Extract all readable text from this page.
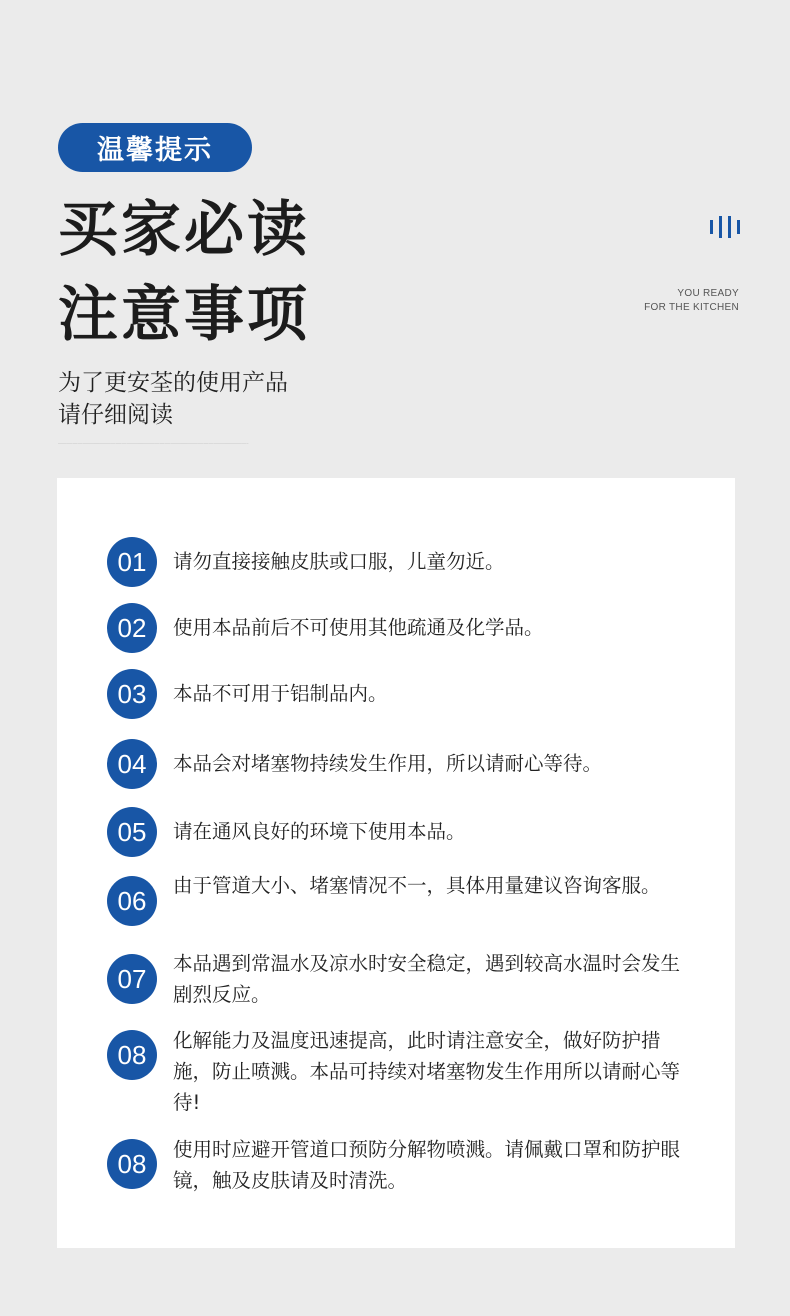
温馨提示
买家必读
注意事项
为了更安荃的使用产品
请仔细阅读
ᐧᐧᐧᐧᐧᐧᐧᐧᐧᐧᐧᐧᐧᐧᐧᐧᐧᐧᐧᐧᐧᐧᐧᐧᐧᐧᐧᐧᐧᐧᐧᐧᐧᐧᐧᐧᐧᐧᐧᐧᐧᐧᐧᐧᐧᐧᐧᐧᐧᐧᐧᐧᐧᐧᐧᐧᐧᐧᐧᐧᐧᐧᐧᐧᐧᐧᐧᐧᐧᐧᐧᐧᐧᐧᐧᐧᐧᐧᐧᐧᐧᐧᐧᐧᐧᐧᐧᐧᐧᐧᐧᐧᐧᐧᐧᐧᐧᐧᐧᐧᐧᐧᐧᐧᐧᐧᐧᐧᐧᐧᐧᐧᐧᐧᐧᐧᐧᐧᐧᐧᐧᐧᐧᐧᐧᐧᐧᐧᐧᐧᐧᐧᐧᐧᐧᐧᐧᐧᐧᐧᐧᐧᐧᐧᐧᐧᐧᐧᐧᐧᐧᐧᐧᐧᐧᐧᐧᐧᐧᐧᐧᐧᐧᐧᐧᐧᐧᐧᐧᐧᐧᐧᐧᐧᐧᐧᐧᐧᐧᐧᐧᐧᐧᐧᐧᐧ
YOU READY
FOR THE KITCHEN
01	请勿直接接触皮肤或口服，儿童勿近。
02	使用本品前后不可使用其他疏通及化学品。
03	本品不可用于铝制品内。
04	本品会对堵塞物持续发生作用，所以请耐心等待。
05	请在通风良好的环境下使用本品。
06	由于管道大小、堵塞情况不一，具体用量建议咨询客服。
07	本品遇到常温水及凉水时安全稳定，遇到较高水温时会发生剧烈反应。
08	化解能力及温度迅速提高，此时请注意安全，做好防护措施，防止喷溅。本品可持续对堵塞物发生作用所以请耐心等待!
08	使用时应避开管道口预防分解物喷溅。请佩戴口罩和防护眼镜，触及皮肤请及时清洗。
